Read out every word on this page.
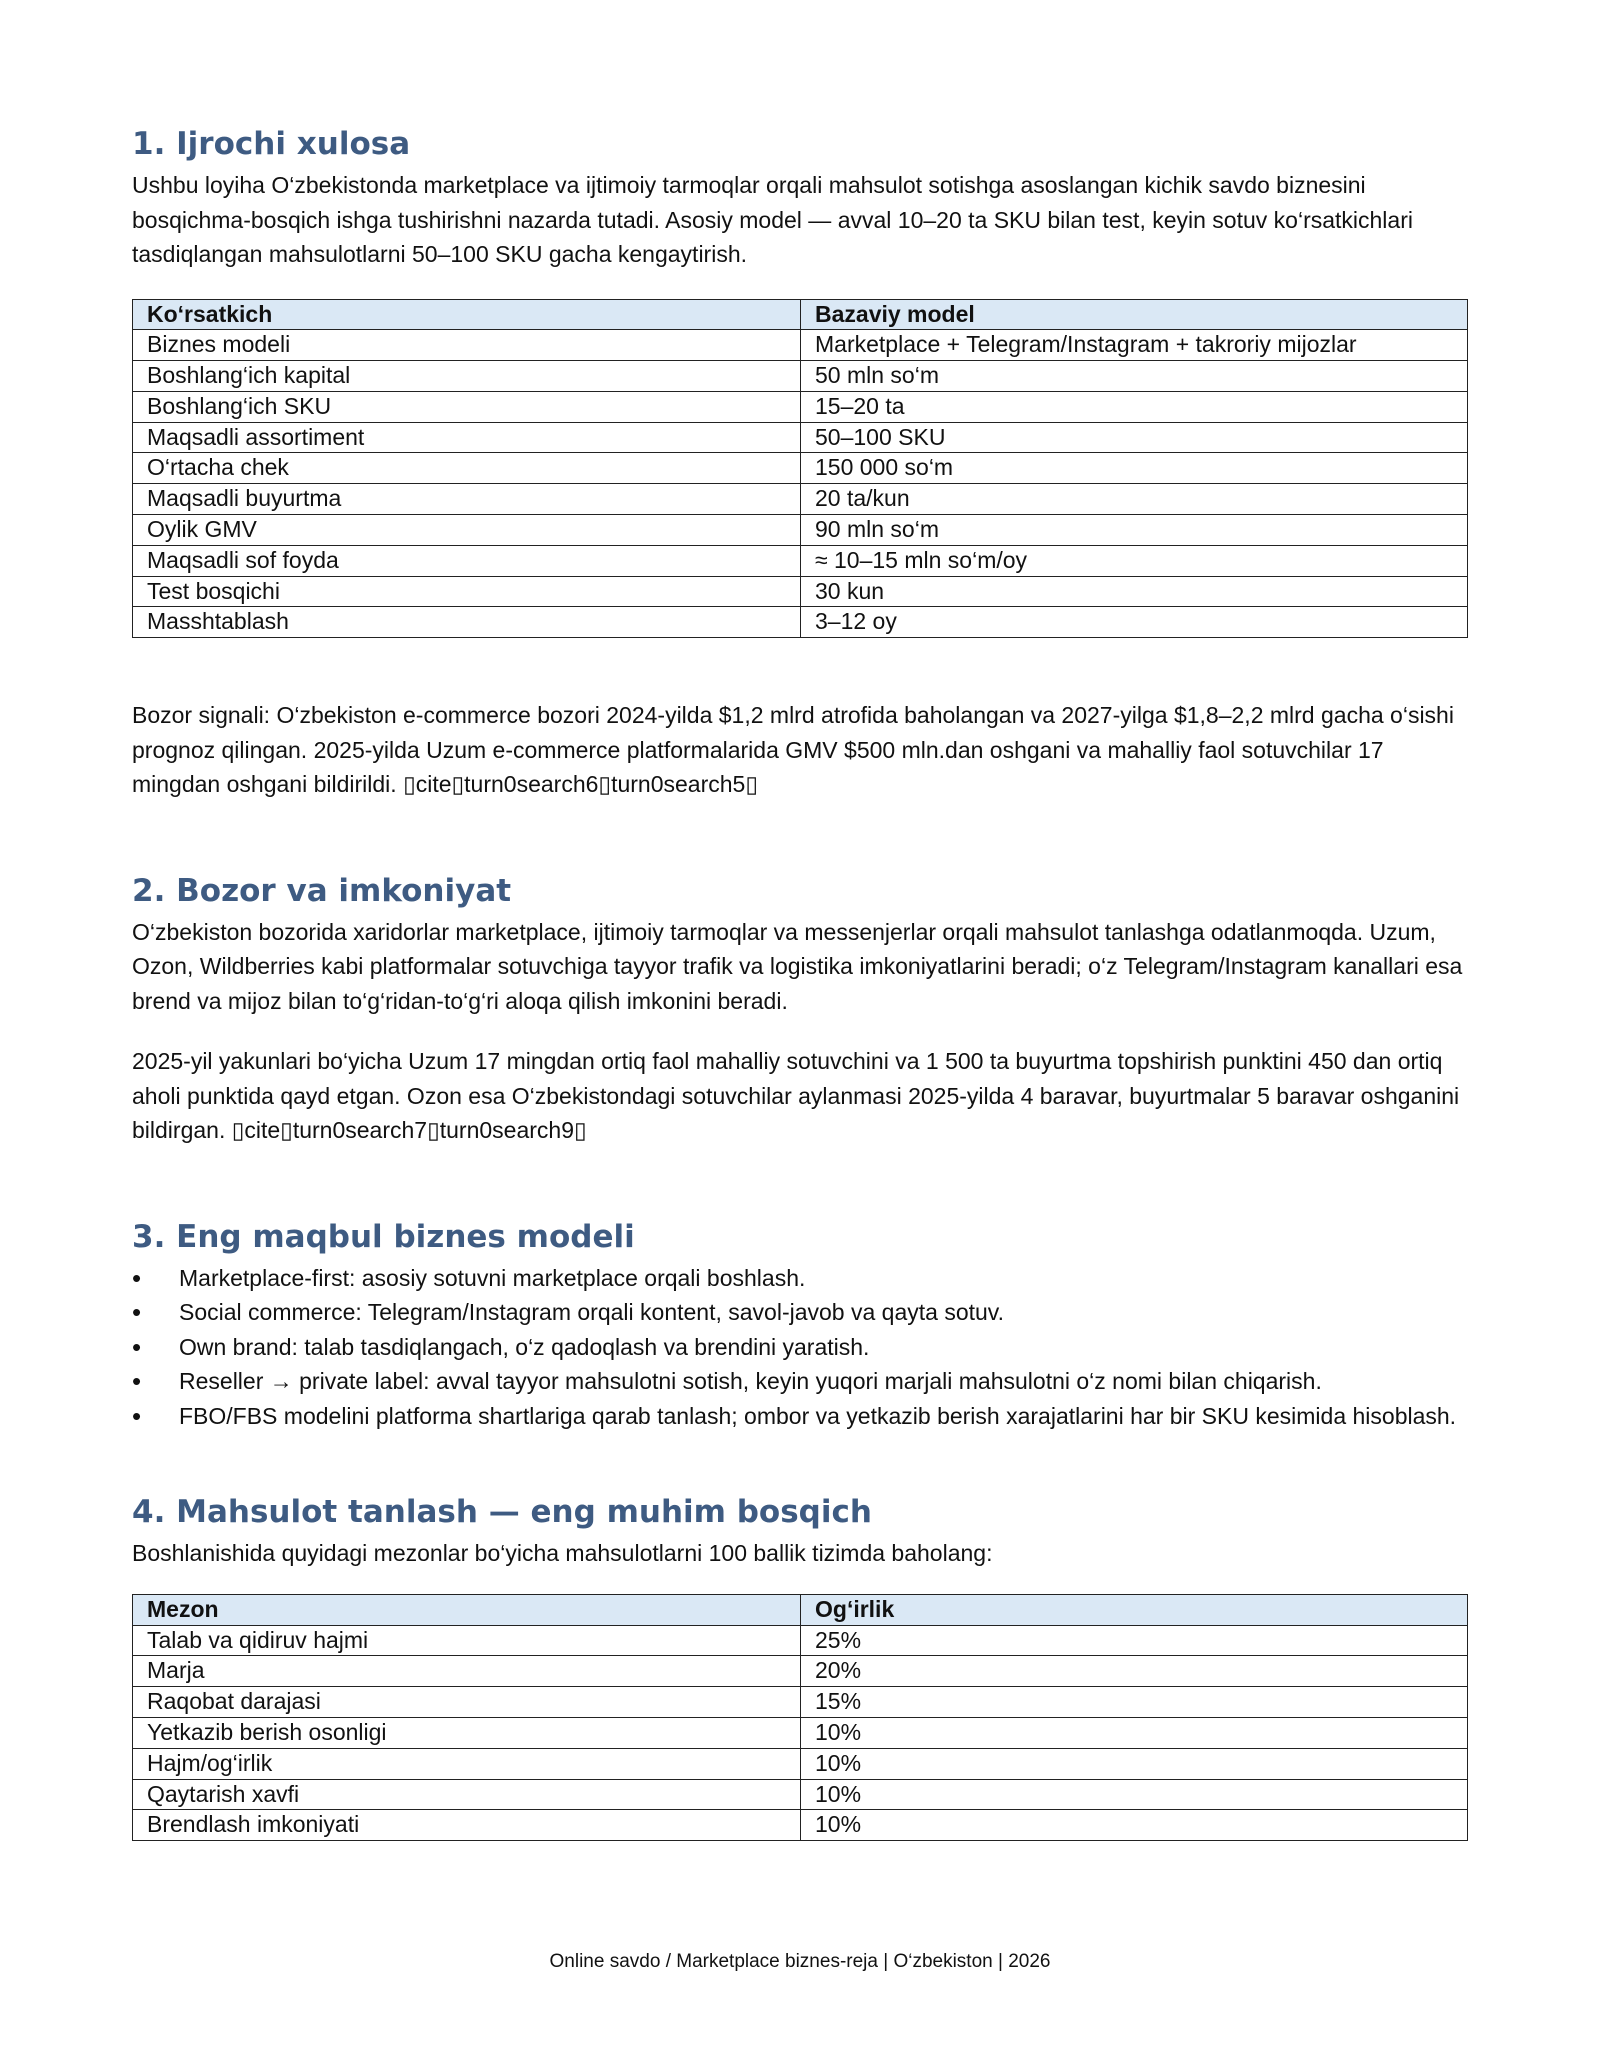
1. Ijrochi xulosa

Ushbu loyiha O‘zbekistonda marketplace va ijtimoiy tarmoqlar orqali mahsulot sotishga asoslangan kichik savdo biznesini bosqichma-bosqich ishga tushirishni nazarda tutadi. Asosiy model — avval 10–20 ta SKU bilan test, keyin sotuv ko‘rsatkichlari tasdiqlangan mahsulotlarni 50–100 SKU gacha kengaytirish.

Ko‘rsatkich	Bazaviy model
Biznes modeli	Marketplace + Telegram/Instagram + takroriy mijozlar
Boshlang‘ich kapital	50 mln so‘m
Boshlang‘ich SKU	15–20 ta
Maqsadli assortiment	50–100 SKU
O‘rtacha chek	150 000 so‘m
Maqsadli buyurtma	20 ta/kun
Oylik GMV	90 mln so‘m
Maqsadli sof foyda	≈ 10–15 mln so‘m/oy
Test bosqichi	30 kun
Masshtablash	3–12 oy

Bozor signali: O‘zbekiston e-commerce bozori 2024-yilda $1,2 mlrd atrofida baholangan va 2027-yilga $1,8–2,2 mlrd gacha o‘sishi prognoz qilingan. 2025-yilda Uzum e-commerce platformalarida GMV $500 mln.dan oshgani va mahalliy faol sotuvchilar 17 mingdan oshgani bildirildi. ▯cite▯turn0search6▯turn0search5▯

2. Bozor va imkoniyat

O‘zbekiston bozorida xaridorlar marketplace, ijtimoiy tarmoqlar va messenjerlar orqali mahsulot tanlashga odatlanmoqda. Uzum, Ozon, Wildberries kabi platformalar sotuvchiga tayyor trafik va logistika imkoniyatlarini beradi; o‘z Telegram/Instagram kanallari esa brend va mijoz bilan to‘g‘ridan-to‘g‘ri aloqa qilish imkonini beradi.

2025-yil yakunlari bo‘yicha Uzum 17 mingdan ortiq faol mahalliy sotuvchini va 1 500 ta buyurtma topshirish punktini 450 dan ortiq aholi punktida qayd etgan. Ozon esa O‘zbekistondagi sotuvchilar aylanmasi 2025-yilda 4 baravar, buyurtmalar 5 baravar oshganini bildirgan. ▯cite▯turn0search7▯turn0search9▯

3. Eng maqbul biznes modeli
• Marketplace-first: asosiy sotuvni marketplace orqali boshlash.
• Social commerce: Telegram/Instagram orqali kontent, savol-javob va qayta sotuv.
• Own brand: talab tasdiqlangach, o‘z qadoqlash va brendini yaratish.
• Reseller → private label: avval tayyor mahsulotni sotish, keyin yuqori marjali mahsulotni o‘z nomi bilan chiqarish.
• FBO/FBS modelini platforma shartlariga qarab tanlash; ombor va yetkazib berish xarajatlarini har bir SKU kesimida hisoblash.
4. Mahsulot tanlash — eng muhim bosqich

Boshlanishida quyidagi mezonlar bo‘yicha mahsulotlarni 100 ballik tizimda baholang:

Mezon	Og‘irlik
Talab va qidiruv hajmi	25%
Marja	20%
Raqobat darajasi	15%
Yetkazib berish osonligi	10%
Hajm/og‘irlik	10%
Qaytarish xavfi	10%
Brendlash imkoniyati	10%
Online savdo / Marketplace biznes-reja | O‘zbekiston | 2026
